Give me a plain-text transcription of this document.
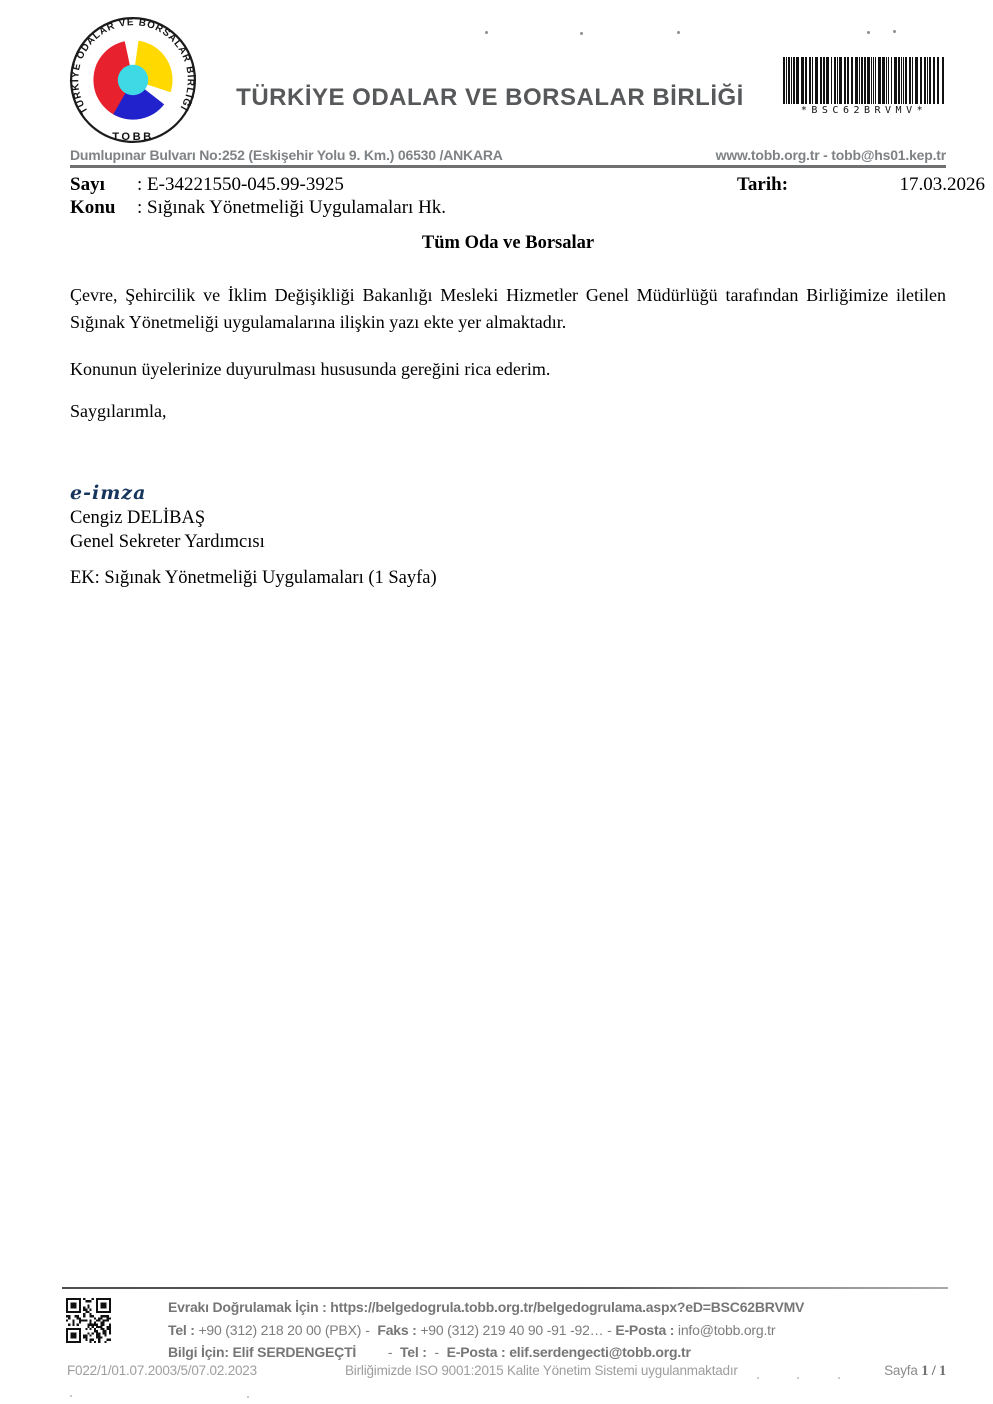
TÜRKİYE ODALAR VE BORSALAR BİRLİĞİ
TOBB
TÜRKİYE ODALAR VE BORSALAR BİRLİĞİ	*BSC62BRVMV*
Dumlupınar Bulvarı No:252 (Eskişehir Yolu 9. Km.) 06530 /ANKARA	www.tobb.org.tr - tobb@hs01.kep.tr
Sayı : E-34221550-045.99-3925	Tarih:	17.03.2026
Konu : Sığınak Yönetmeliği Uygulamaları Hk.
Tüm Oda ve Borsalar
Çevre, Şehircilik ve İklim Değişikliği Bakanlığı Mesleki Hizmetler Genel Müdürlüğü tarafından Birliğimize iletilen Sığınak Yönetmeliği uygulamalarına ilişkin yazı ekte yer almaktadır.
Konunun üyelerinize duyurulması hususunda gereğini rica ederim.
Saygılarımla,
e-imza
Cengiz DELİBAŞ
Genel Sekreter Yardımcısı
EK: Sığınak Yönetmeliği Uygulamaları (1 Sayfa)
Evrakı Doğrulamak İçin : https://belgedogrula.tobb.org.tr/belgedogrulama.aspx?eD=BSC62BRVMV
Tel : +90 (312) 218 20 00 (PBX) - Faks : +90 (312) 219 40 90 -91 -92… - E-Posta : info@tobb.org.tr
Bilgi İçin: Elif SERDENGEÇTİ - Tel : - E-Posta : elif.serdengecti@tobb.org.tr
F022/1/01.07.2003/5/07.02.2023	Birliğimizde ISO 9001:2015 Kalite Yönetim Sistemi uygulanmaktadır	Sayfa 1 / 1
